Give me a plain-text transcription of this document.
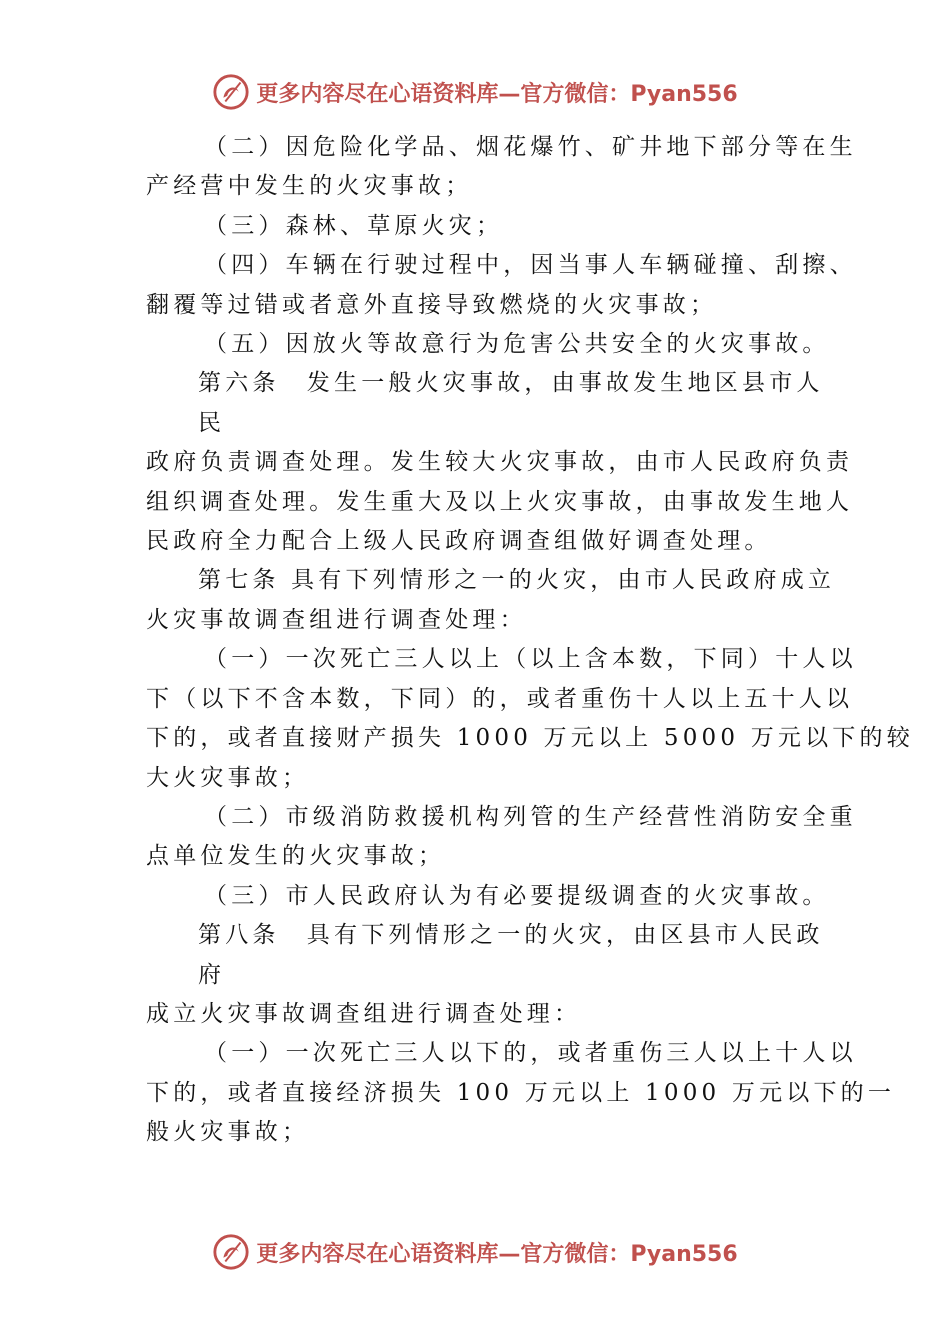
更多内容尽在心语资料库—官方微信：Pyan556

（二）因危险化学品、烟花爆竹、矿井地下部分等在生

产经营中发生的火灾事故；

（三）森林、草原火灾；

（四）车辆在行驶过程中，因当事人车辆碰撞、刮擦、

翻覆等过错或者意外直接导致燃烧的火灾事故；

（五）因放火等故意行为危害公共安全的火灾事故。

第六条　发生一般火灾事故，由事故发生地区县市人

民

政府负责调查处理。发生较大火灾事故，由市人民政府负责

组织调查处理。发生重大及以上火灾事故，由事故发生地人

民政府全力配合上级人民政府调查组做好调查处理。

第七条 具有下列情形之一的火灾，由市人民政府成立

火灾事故调查组进行调查处理：

（一）一次死亡三人以上（以上含本数，下同）十人以

下（以下不含本数，下同）的，或者重伤十人以上五十人以

下的，或者直接财产损失 1000 万元以上 5000 万元以下的较

大火灾事故；

（二）市级消防救援机构列管的生产经营性消防安全重

点单位发生的火灾事故；

（三）市人民政府认为有必要提级调查的火灾事故。

第八条　具有下列情形之一的火灾，由区县市人民政

府

成立火灾事故调查组进行调查处理：

（一）一次死亡三人以下的，或者重伤三人以上十人以

下的，或者直接经济损失 100 万元以上 1000 万元以下的一

般火灾事故；

更多内容尽在心语资料库—官方微信：Pyan556
